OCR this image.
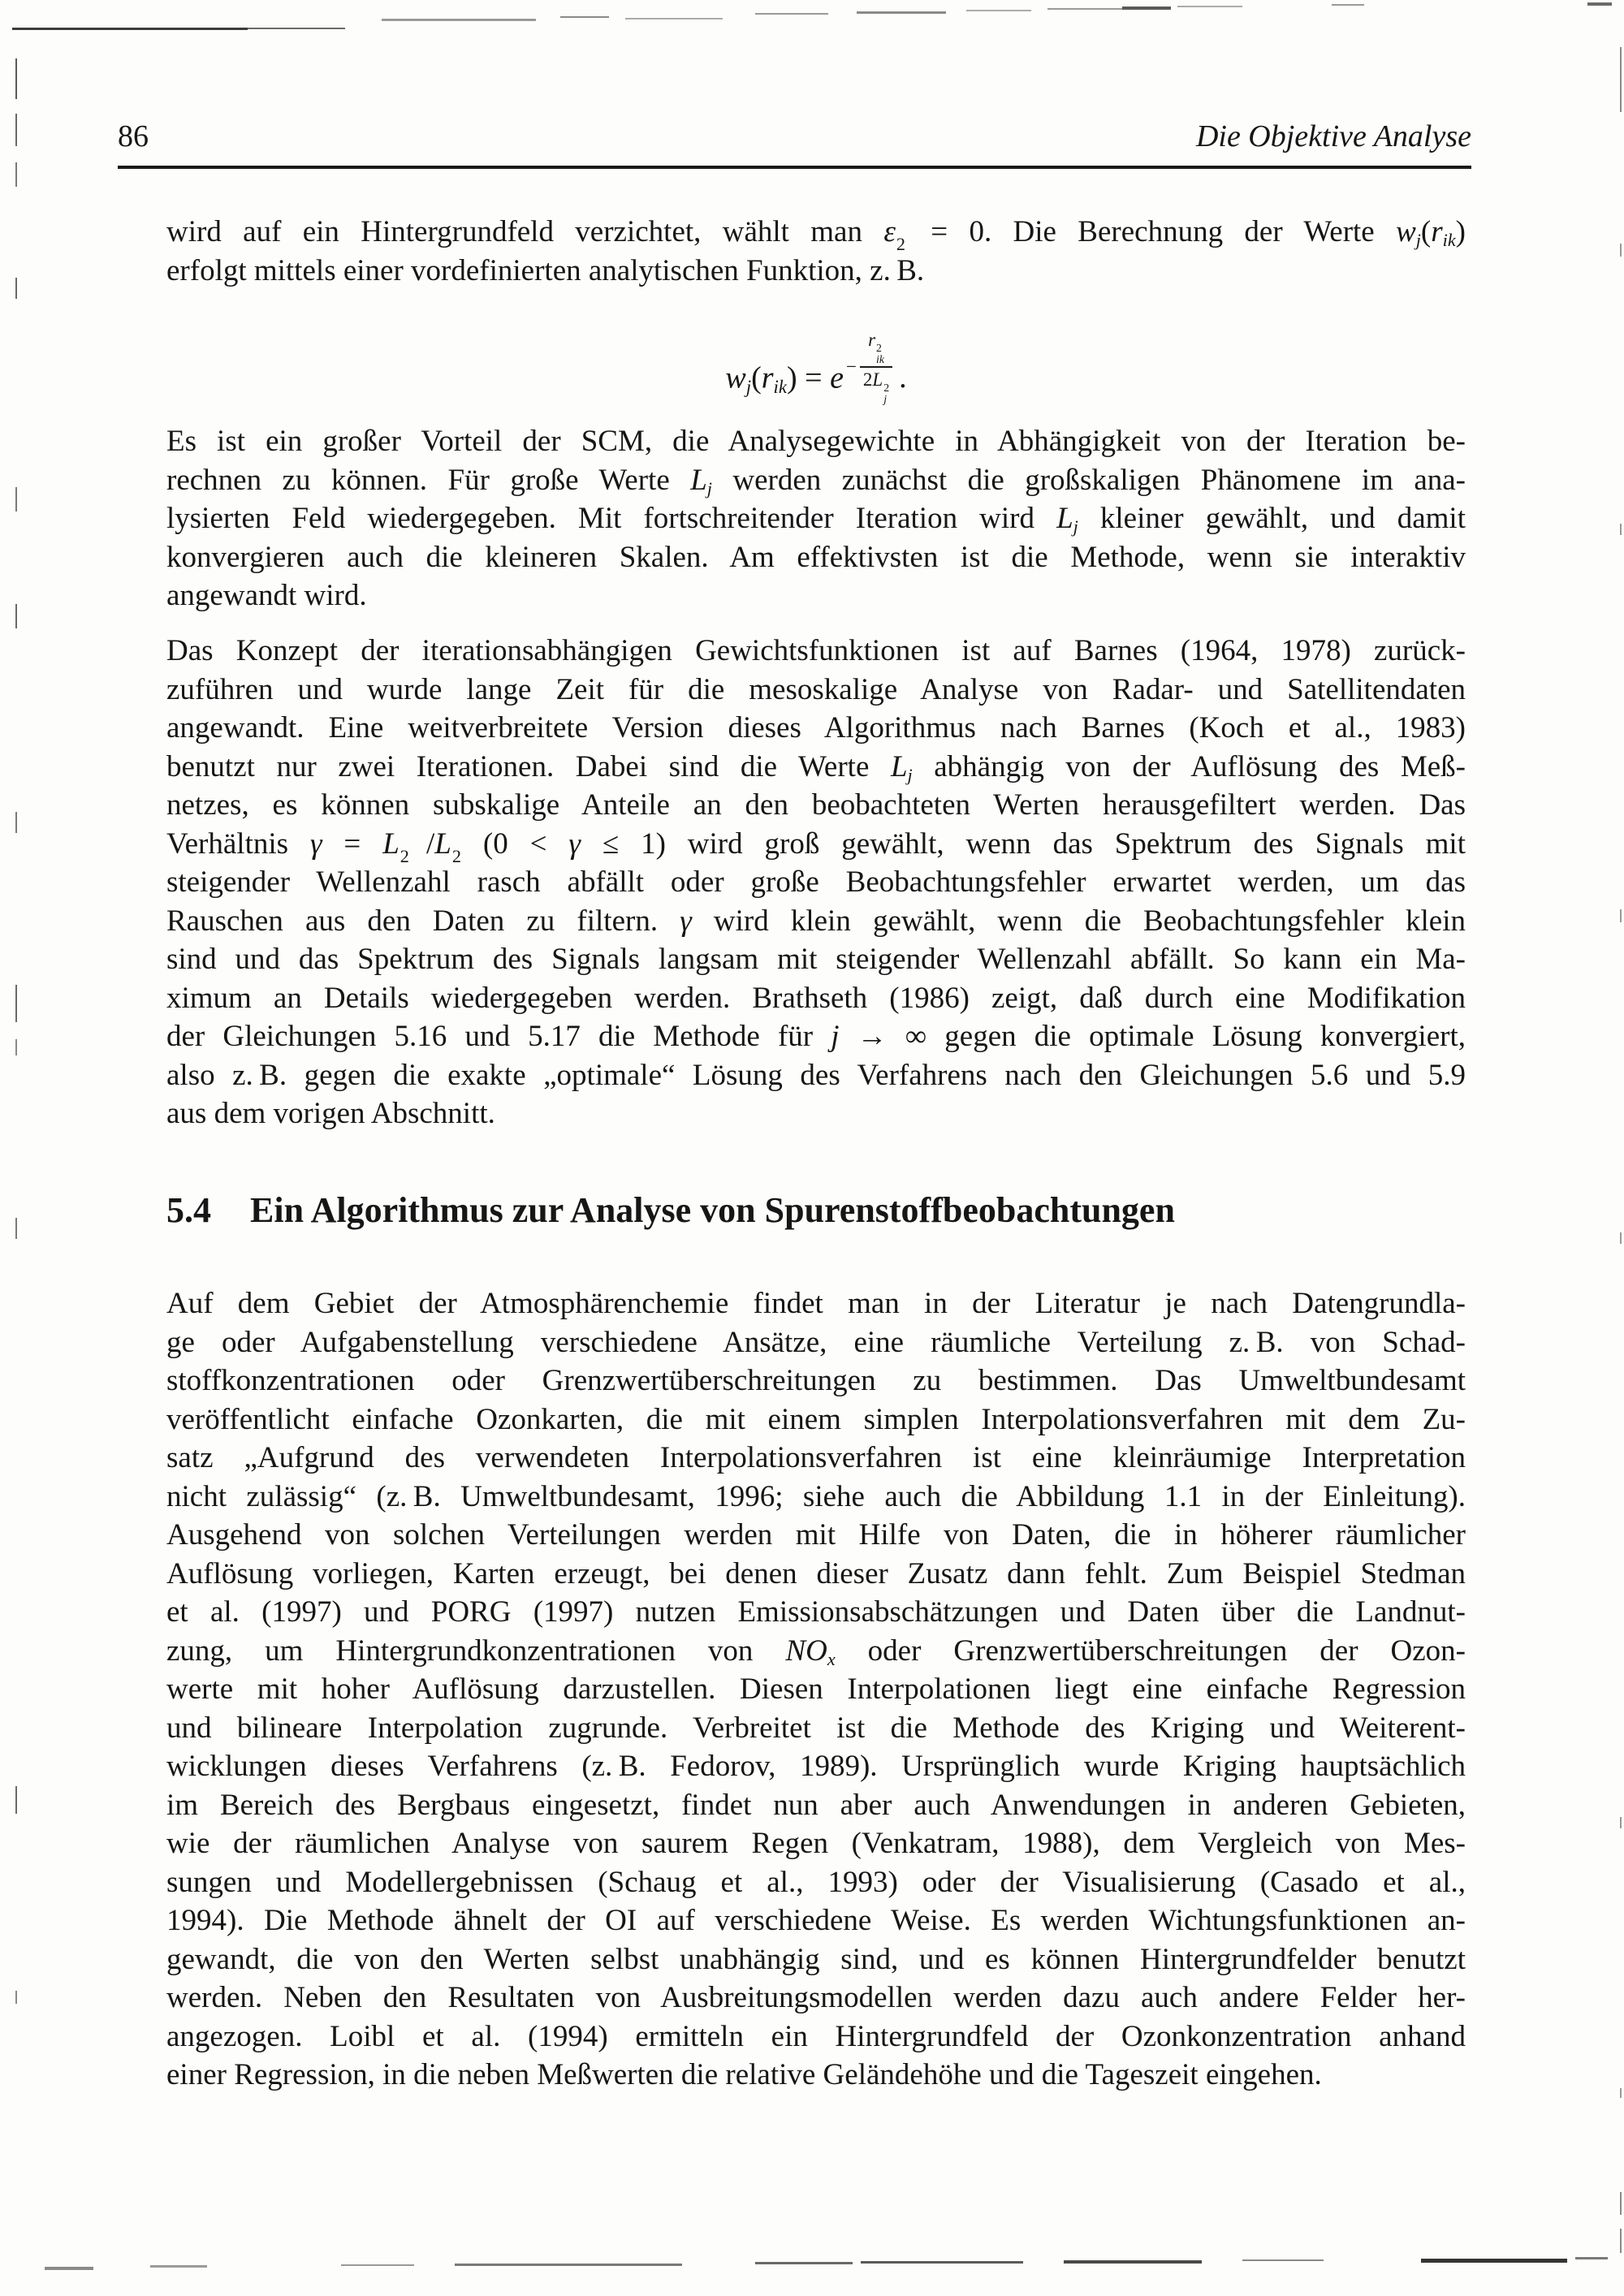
86	Die Objektive Analyse
wird auf ein Hintergrundfeld verzichtet, wählt man ε 2 = 0. Die Berechnung der Werte wj(rik)
erfolgt mittels einer vordefinierten analytischen Funktion, z. B.
wj(rik) = e − r 2
ik
2L 2
j .
Es ist ein großer Vorteil der SCM, die Analysegewichte in Abhängigkeit von der Iteration be-
rechnen zu können. Für große Werte Lj werden zunächst die großskaligen Phänomene im ana-
lysierten Feld wiedergegeben. Mit fortschreitender Iteration wird Lj kleiner gewählt, und damit
konvergieren auch die kleineren Skalen. Am effektivsten ist die Methode, wenn sie interaktiv
angewandt wird.
Das Konzept der iterationsabhängigen Gewichtsfunktionen ist auf Barnes (1964, 1978) zurück-
zuführen und wurde lange Zeit für die mesoskalige Analyse von Radar- und Satellitendaten
angewandt. Eine weitverbreitete Version dieses Algorithmus nach Barnes (Koch et al., 1983)
benutzt nur zwei Iterationen. Dabei sind die Werte Lj abhängig von der Auflösung des Meß-
netzes, es können subskalige Anteile an den beobachteten Werten herausgefiltert werden. Das
Verhältnis γ = L 2 /L 2 (0 < γ ≤ 1) wird groß gewählt, wenn das Spektrum des Signals mit
steigender Wellenzahl rasch abfällt oder große Beobachtungsfehler erwartet werden, um das
Rauschen aus den Daten zu filtern. γ wird klein gewählt, wenn die Beobachtungsfehler klein
sind und das Spektrum des Signals langsam mit steigender Wellenzahl abfällt. So kann ein Ma-
ximum an Details wiedergegeben werden. Brathseth (1986) zeigt, daß durch eine Modifikation
der Gleichungen 5.16 und 5.17 die Methode für j → ∞ gegen die optimale Lösung konvergiert,
also z. B. gegen die exakte „optimale“ Lösung des Verfahrens nach den Gleichungen 5.6 und 5.9
aus dem vorigen Abschnitt.
5.4 Ein Algorithmus zur Analyse von Spurenstoffbeobachtungen
Auf dem Gebiet der Atmosphärenchemie findet man in der Literatur je nach Datengrundla-
ge oder Aufgabenstellung verschiedene Ansätze, eine räumliche Verteilung z. B. von Schad-
stoffkonzentrationen oder Grenzwertüberschreitungen zu bestimmen. Das Umweltbundesamt
veröffentlicht einfache Ozonkarten, die mit einem simplen Interpolationsverfahren mit dem Zu-
satz „Aufgrund des verwendeten Interpolationsverfahren ist eine kleinräumige Interpretation
nicht zulässig“ (z. B. Umweltbundesamt, 1996; siehe auch die Abbildung 1.1 in der Einleitung).
Ausgehend von solchen Verteilungen werden mit Hilfe von Daten, die in höherer räumlicher
Auflösung vorliegen, Karten erzeugt, bei denen dieser Zusatz dann fehlt. Zum Beispiel Stedman
et al. (1997) und PORG (1997) nutzen Emissionsabschätzungen und Daten über die Landnut-
zung, um Hintergrundkonzentrationen von NOx oder Grenzwertüberschreitungen der Ozon-
werte mit hoher Auflösung darzustellen. Diesen Interpolationen liegt eine einfache Regression
und bilineare Interpolation zugrunde. Verbreitet ist die Methode des Kriging und Weiterent-
wicklungen dieses Verfahrens (z. B. Fedorov, 1989). Ursprünglich wurde Kriging hauptsächlich
im Bereich des Bergbaus eingesetzt, findet nun aber auch Anwendungen in anderen Gebieten,
wie der räumlichen Analyse von saurem Regen (Venkatram, 1988), dem Vergleich von Mes-
sungen und Modellergebnissen (Schaug et al., 1993) oder der Visualisierung (Casado et al.,
1994). Die Methode ähnelt der OI auf verschiedene Weise. Es werden Wichtungsfunktionen an-
gewandt, die von den Werten selbst unabhängig sind, und es können Hintergrundfelder benutzt
werden. Neben den Resultaten von Ausbreitungsmodellen werden dazu auch andere Felder her-
angezogen. Loibl et al. (1994) ermitteln ein Hintergrundfeld der Ozonkonzentration anhand
einer Regression, in die neben Meßwerten die relative Geländehöhe und die Tageszeit eingehen.
